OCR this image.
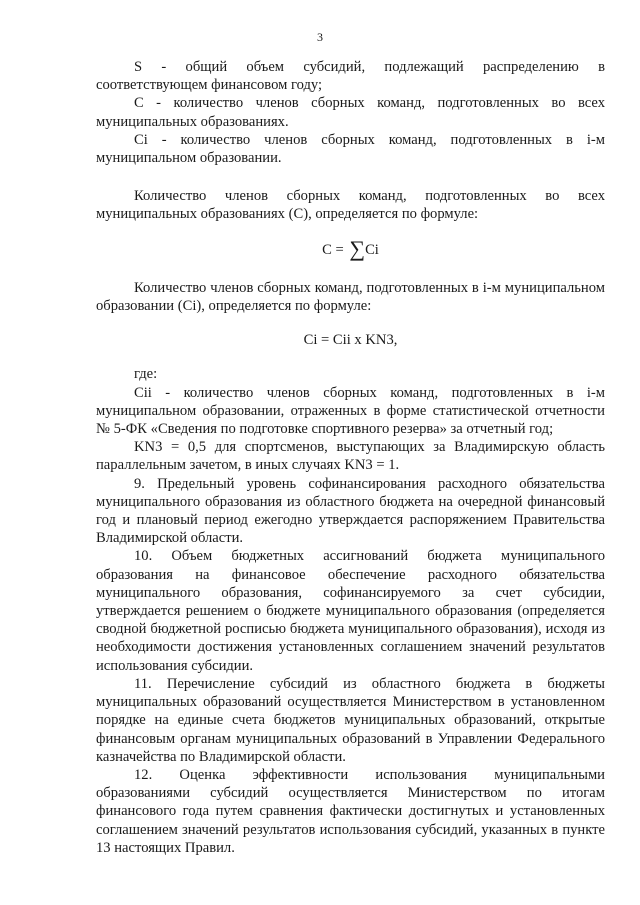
3

S - общий объем субсидий, подлежащий распределению в соответствующем финансовом году;

С - количество членов сборных команд, подготовленных во всех муниципальных образованиях.

Сi - количество членов сборных команд, подготовленных в i-м муниципальном образовании.

Количество членов сборных команд, подготовленных во всех муниципальных образованиях (С), определяется по формуле:

C = ∑Ci

Количество членов сборных команд, подготовленных в i-м муниципальном образовании (Сi), определяется по формуле:

Ci = Cii x KN3,

где:

Сii - количество членов сборных команд, подготовленных в i-м муниципальном образовании, отраженных в форме статистической отчетности № 5-ФК «Сведения по подготовке спортивного резерва» за отчетный год;

KN3 = 0,5 для спортсменов, выступающих за Владимирскую область параллельным зачетом, в иных случаях KN3 = 1.

9. Предельный уровень софинансирования расходного обязательства муниципального образования из областного бюджета на очередной финансовый год и плановый период ежегодно утверждается распоряжением Правительства Владимирской области.

10. Объем бюджетных ассигнований бюджета муниципального образования на финансовое обеспечение расходного обязательства муниципального образования, софинансируемого за счет субсидии, утверждается решением о бюджете муниципального образования (определяется сводной бюджетной росписью бюджета муниципального образования), исходя из необходимости достижения установленных соглашением значений результатов использования субсидии.

11. Перечисление субсидий из областного бюджета в бюджеты муниципальных образований осуществляется Министерством в установленном порядке на единые счета бюджетов муниципальных образований, открытые финансовым органам муниципальных образований в Управлении Федерального казначейства по Владимирской области.

12. Оценка эффективности использования муниципальными образованиями субсидий осуществляется Министерством по итогам финансового года путем сравнения фактически достигнутых и установленных соглашением значений результатов использования субсидий, указанных в пункте 13 настоящих Правил.
